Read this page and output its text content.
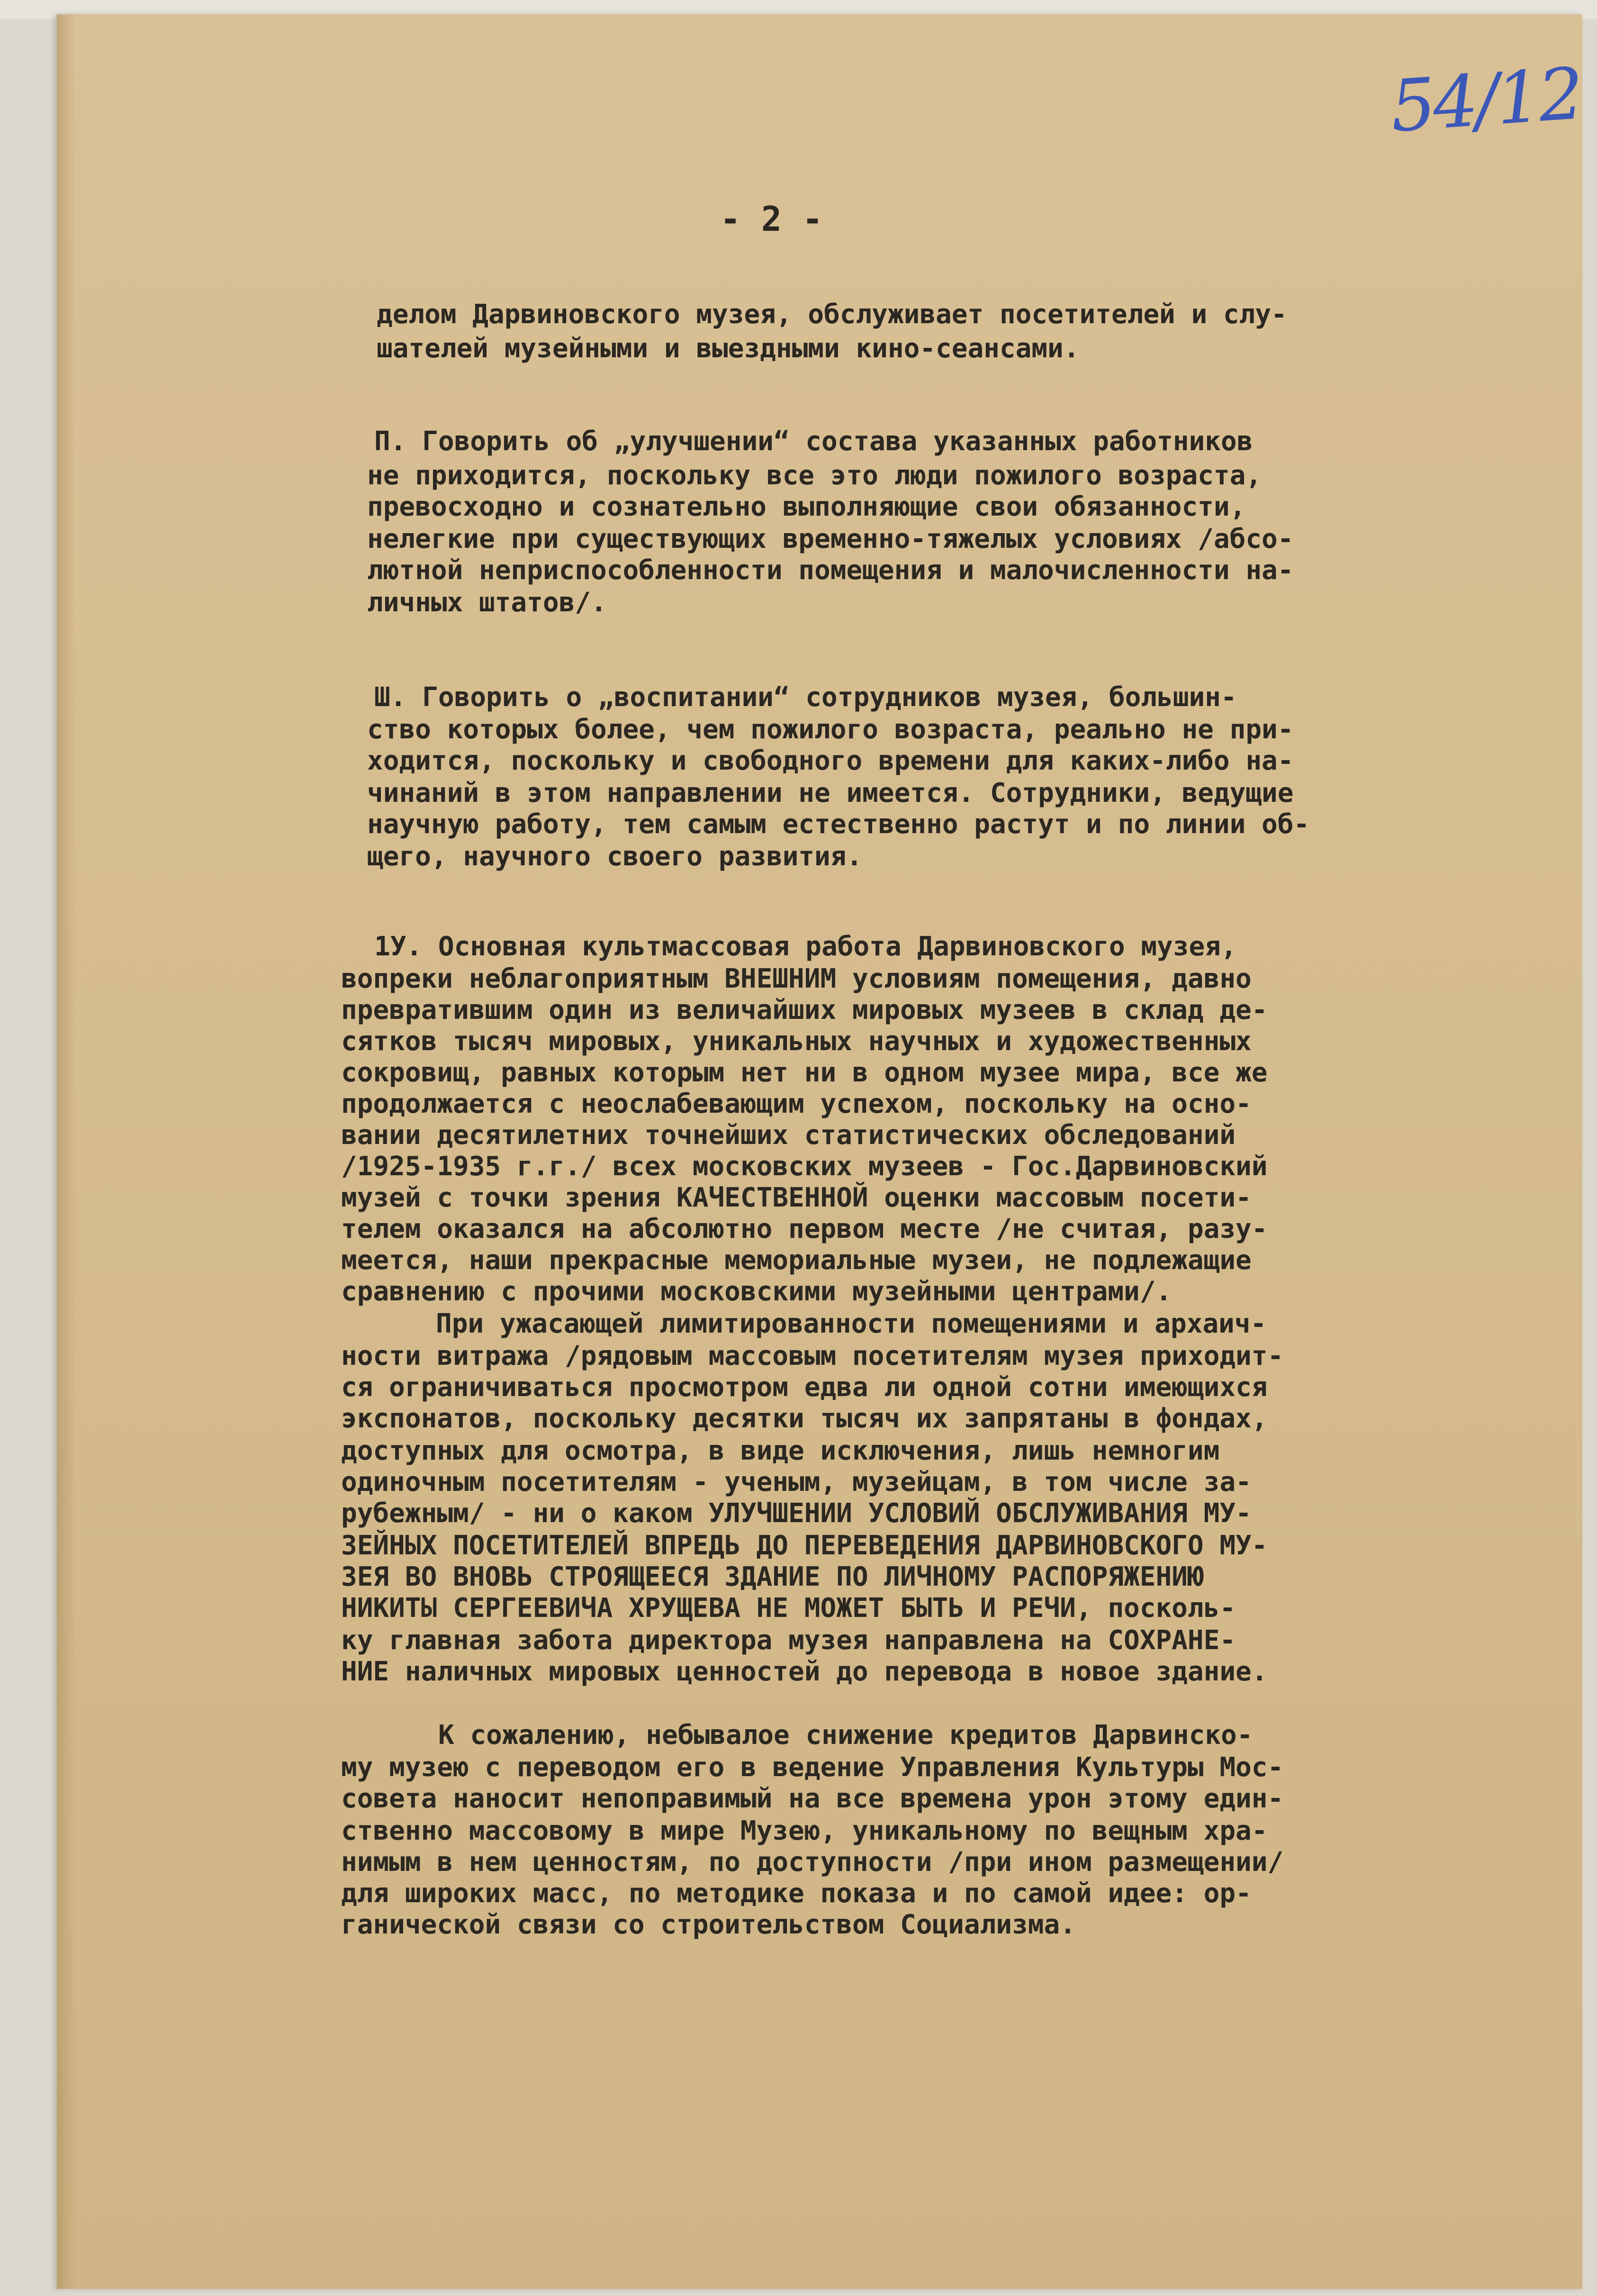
54/12
- 2 -
делом Дарвиновского музея, обслуживает посетителей и слу-
шателей музейными и выездными кино-сеансами.
П. Говорить об „улучшении“ состава указанных работников
не приходится, поскольку все это люди пожилого возраста,
превосходно и сознательно выполняющие свои обязанности,
нелегкие при существующих временно-тяжелых условиях /абсо-
лютной неприспособленности помещения и малочисленности на-
личных штатов/.
Ш. Говорить о „воспитании“ сотрудников музея, большин-
ство которых более, чем пожилого возраста, реально не при-
ходится, поскольку и свободного времени для каких-либо на-
чинаний в этом направлении не имеется. Сотрудники, ведущие
научную работу, тем самым естественно растут и по линии об-
щего, научного своего развития.
1У. Основная культмассовая работа Дарвиновского музея,
вопреки неблагоприятным ВНЕШНИМ условиям помещения, давно
превратившим один из величайших мировых музеев в склад де-
сятков тысяч мировых, уникальных научных и художественных
сокровищ, равных которым нет ни в одном музее мира, все же
продолжается с неослабевающим успехом, поскольку на осно-
вании десятилетних точнейших статистических обследований
/1925-1935 г.г./ всех московских музеев - Гос.Дарвиновский
музей с точки зрения КАЧЕСТВЕННОЙ оценки массовым посети-
телем оказался на абсолютно первом месте /не считая, разу-
меется, наши прекрасные мемориальные музеи, не подлежащие
сравнению с прочими московскими музейными центрами/.
При ужасающей лимитированности помещениями и архаич-
ности витража /рядовым массовым посетителям музея приходит-
ся ограничиваться просмотром едва ли одной сотни имеющихся
экспонатов, поскольку десятки тысяч их запрятаны в фондах,
доступных для осмотра, в виде исключения, лишь немногим
одиночным посетителям - ученым, музейцам, в том числе за-
рубежным/ - ни о каком УЛУЧШЕНИИ УСЛОВИЙ ОБСЛУЖИВАНИЯ МУ-
ЗЕЙНЫХ ПОСЕТИТЕЛЕЙ ВПРЕДЬ ДО ПЕРЕВЕДЕНИЯ ДАРВИНОВСКОГО МУ-
ЗЕЯ ВО ВНОВЬ СТРОЯЩЕЕСЯ ЗДАНИЕ ПО ЛИЧНОМУ РАСПОРЯЖЕНИЮ
НИКИТЫ СЕРГЕЕВИЧА ХРУЩЕВА НЕ МОЖЕТ БЫТЬ И РЕЧИ, посколь-
ку главная забота директора музея направлена на СОХРАНЕ-
НИЕ наличных мировых ценностей до перевода в новое здание.
К сожалению, небывалое снижение кредитов Дарвинско-
му музею с переводом его в ведение Управления Культуры Мос-
совета наносит непоправимый на все времена урон этому един-
ственно массовому в мире Музею, уникальному по вещным хра-
нимым в нем ценностям, по доступности /при ином размещении/
для широких масс, по методике показа и по самой идее: ор-
ганической связи со строительством Социализма.
